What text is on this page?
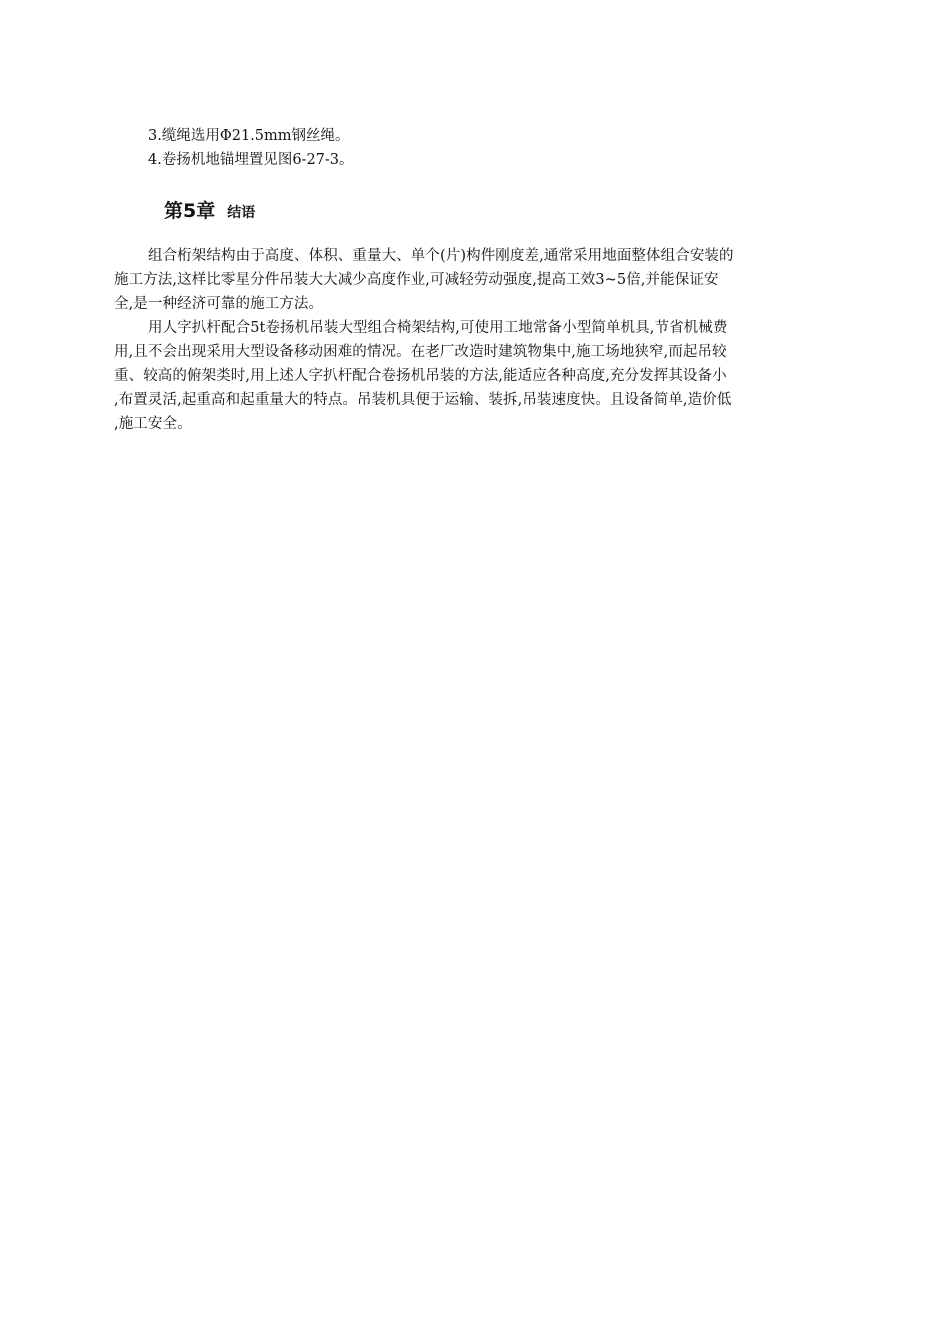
3.缆绳选用Φ21.5mm钢丝绳。
4.卷扬机地锚埋置见图6-27-3。
第5章 结语
组合桁架结构由于高度、体积、重量大、单个(片)构件刚度差,通常采用地面整体组合安装的
施工方法,这样比零星分件吊装大大减少高度作业,可减轻劳动强度,提高工效3~5倍,并能保证安
全,是一种经济可靠的施工方法。
用人字扒杆配合5t卷扬机吊装大型组合椅架结构,可使用工地常备小型简单机具,节省机械费
用,且不会出现采用大型设备移动困难的情况。在老厂改造时建筑物集中,施工场地狭窄,而起吊较
重、较高的俯架类时,用上述人字扒杆配合卷扬机吊装的方法,能适应各种高度,充分发挥其设备小
,布置灵活,起重高和起重量大的特点。吊装机具便于运输、装拆,吊装速度快。且设备简单,造价低
,施工安全。
